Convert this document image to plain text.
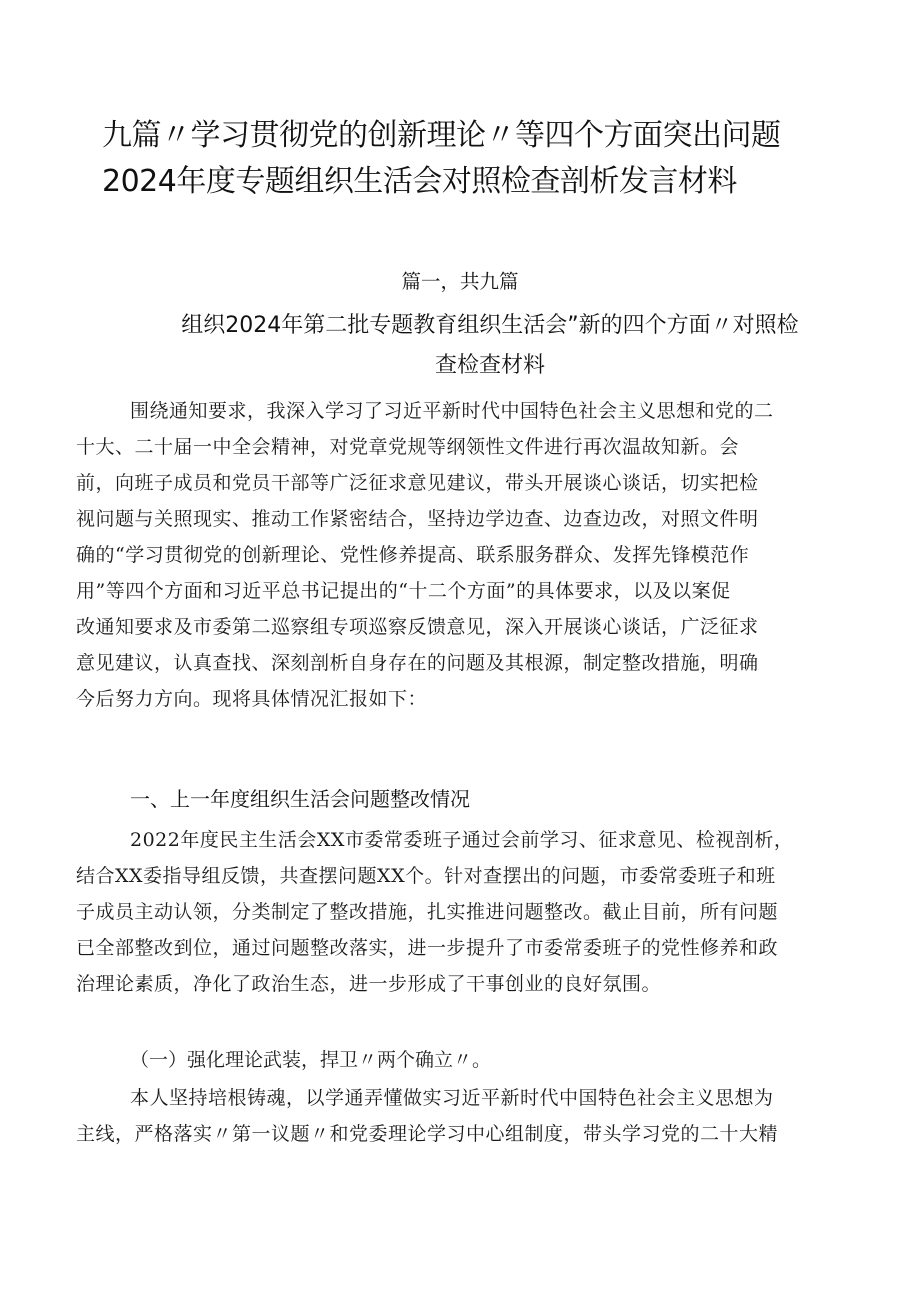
九篇〃学习贯彻党的创新理论〃等四个方面突出问题
2024年度专题组织生活会对照检查剖析发言材料

篇一，共九篇

组织2024年第二批专题教育组织生活会”新的四个方面〃对照检
查检查材料
围绕通知要求，我深入学习了习近平新时代中国特色社会主义思想和党的二
十大、二十届一中全会精神，对党章党规等纲领性文件进行再次温故知新。会
前，向班子成员和党员干部等广泛征求意见建议，带头开展谈心谈话，切实把检
视问题与关照现实、推动工作紧密结合，坚持边学边查、边查边改，对照文件明
确的“学习贯彻党的创新理论、党性修养提高、联系服务群众、发挥先锋模范作
用”等四个方面和习近平总书记提出的“十二个方面”的具体要求，以及以案促
改通知要求及市委第二巡察组专项巡察反馈意见，深入开展谈心谈话，广泛征求
意见建议，认真查找、深刻剖析自身存在的问题及其根源，制定整改措施，明确
今后努力方向。现将具体情况汇报如下：
一、上一年度组织生活会问题整改情况
2022年度民主生活会XX市委常委班子通过会前学习、征求意见、检视剖析，
结合XX委指导组反馈，共查摆问题XX个。针对查摆出的问题，市委常委班子和班
子成员主动认领，分类制定了整改措施，扎实推进问题整改。截止目前，所有问题
已全部整改到位，通过问题整改落实，进一步提升了市委常委班子的党性修养和政
治理论素质，净化了政治生态，进一步形成了干事创业的良好氛围。

（一）强化理论武装，捍卫〃两个确立〃。

本人坚持培根铸魂，以学通弄懂做实习近平新时代中国特色社会主义思想为
主线，严格落实〃第一议题〃和党委理论学习中心组制度，带头学习党的二十大精
